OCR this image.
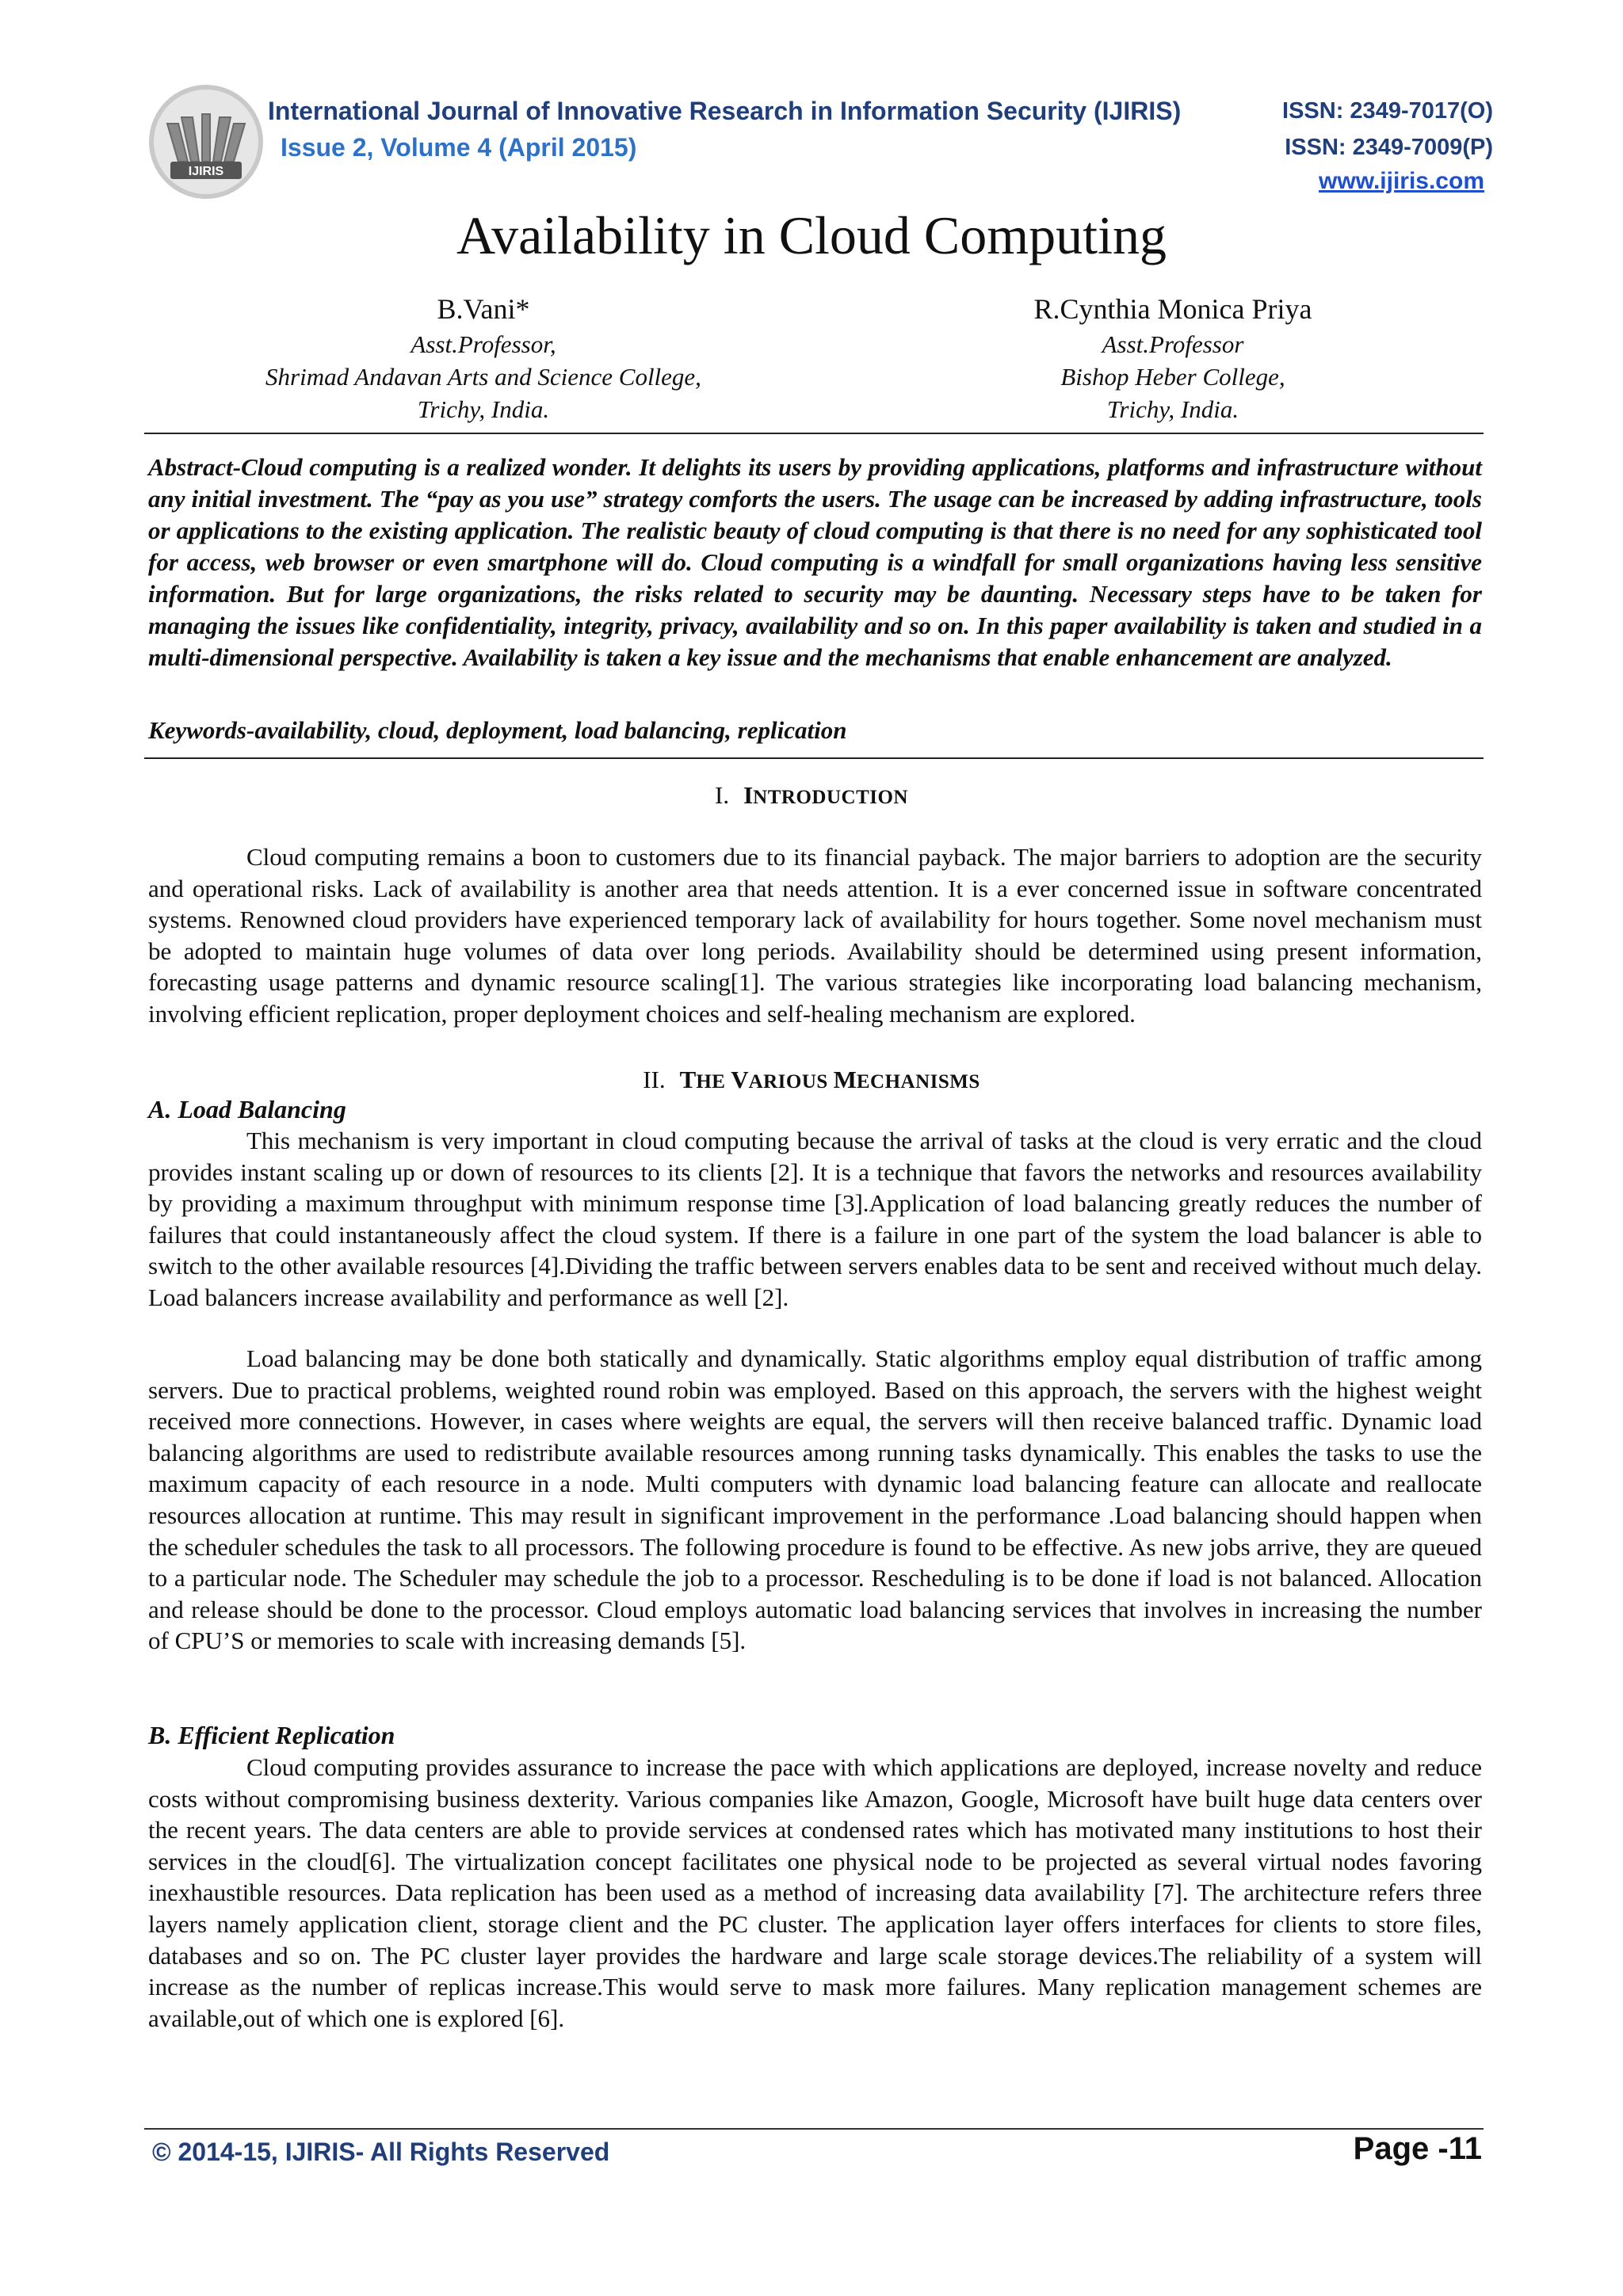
IJIRIS
International Journal of Innovative Research in Information Security (IJIRIS)
Issue 2, Volume 4 (April 2015)
ISSN: 2349-7017(O)
ISSN: 2349-7009(P)
www.ijiris.com
Availability in Cloud Computing
B.Vani*
Asst.Professor,
Shrimad Andavan Arts and Science College,
Trichy, India.
R.Cynthia Monica Priya
Asst.Professor
Bishop Heber College,
Trichy, India.
Abstract-Cloud computing is a realized wonder. It delights its users by providing applications, platforms and infrastructure without any initial investment. The “pay as you use” strategy comforts the users. The usage can be increased by adding infrastructure, tools or applications to the existing application. The realistic beauty of cloud computing is that there is no need for any sophisticated tool for access, web browser or even smartphone will do. Cloud computing is a windfall for small organizations having less sensitive information. But for large organizations, the risks related to security may be daunting. Necessary steps have to be taken for managing the issues like confidentiality, integrity, privacy, availability and so on. In this paper availability is taken and studied in a multi-dimensional perspective. Availability is taken a key issue and the mechanisms that enable enhancement are analyzed.
Keywords-availability, cloud, deployment, load balancing, replication
I. INTRODUCTION

Cloud computing remains a boon to customers due to its financial payback. The major barriers to adoption are the security and operational risks. Lack of availability is another area that needs attention. It is a ever concerned issue in software concentrated systems. Renowned cloud providers have experienced temporary lack of availability for hours together. Some novel mechanism must be adopted to maintain huge volumes of data over long periods. Availability should be determined using present information, forecasting usage patterns and dynamic resource scaling[1]. The various strategies like incorporating load balancing mechanism, involving efficient replication, proper deployment choices and self-healing mechanism are explored.

II. THE VARIOUS MECHANISMS
A. Load Balancing

This mechanism is very important in cloud computing because the arrival of tasks at the cloud is very erratic and the cloud provides instant scaling up or down of resources to its clients [2]. It is a technique that favors the networks and resources availability by providing a maximum throughput with minimum response time [3].Application of load balancing greatly reduces the number of failures that could instantaneously affect the cloud system. If there is a failure in one part of the system the load balancer is able to switch to the other available resources [4].Dividing the traffic between servers enables data to be sent and received without much delay. Load balancers increase availability and performance as well [2].

Load balancing may be done both statically and dynamically. Static algorithms employ equal distribution of traffic among servers. Due to practical problems, weighted round robin was employed. Based on this approach, the servers with the highest weight received more connections. However, in cases where weights are equal, the servers will then receive balanced traffic. Dynamic load balancing algorithms are used to redistribute available resources among running tasks dynamically. This enables the tasks to use the maximum capacity of each resource in a node. Multi computers with dynamic load balancing feature can allocate and reallocate resources allocation at runtime. This may result in significant improvement in the performance .Load balancing should happen when the scheduler schedules the task to all processors. The following procedure is found to be effective. As new jobs arrive, they are queued to a particular node. The Scheduler may schedule the job to a processor. Rescheduling is to be done if load is not balanced. Allocation and release should be done to the processor. Cloud employs automatic load balancing services that involves in increasing the number of CPU’S or memories to scale with increasing demands [5].

B. Efficient Replication

Cloud computing provides assurance to increase the pace with which applications are deployed, increase novelty and reduce costs without compromising business dexterity. Various companies like Amazon, Google, Microsoft have built huge data centers over the recent years. The data centers are able to provide services at condensed rates which has motivated many institutions to host their services in the cloud[6]. The virtualization concept facilitates one physical node to be projected as several virtual nodes favoring inexhaustible resources. Data replication has been used as a method of increasing data availability [7]. The architecture refers three layers namely application client, storage client and the PC cluster. The application layer offers interfaces for clients to store files, databases and so on. The PC cluster layer provides the hardware and large scale storage devices.The reliability of a system will increase as the number of replicas increase.This would serve to mask more failures. Many replication management schemes are available,out of which one is explored [6].

© 2014-15, IJIRIS- All Rights Reserved	Page -11
